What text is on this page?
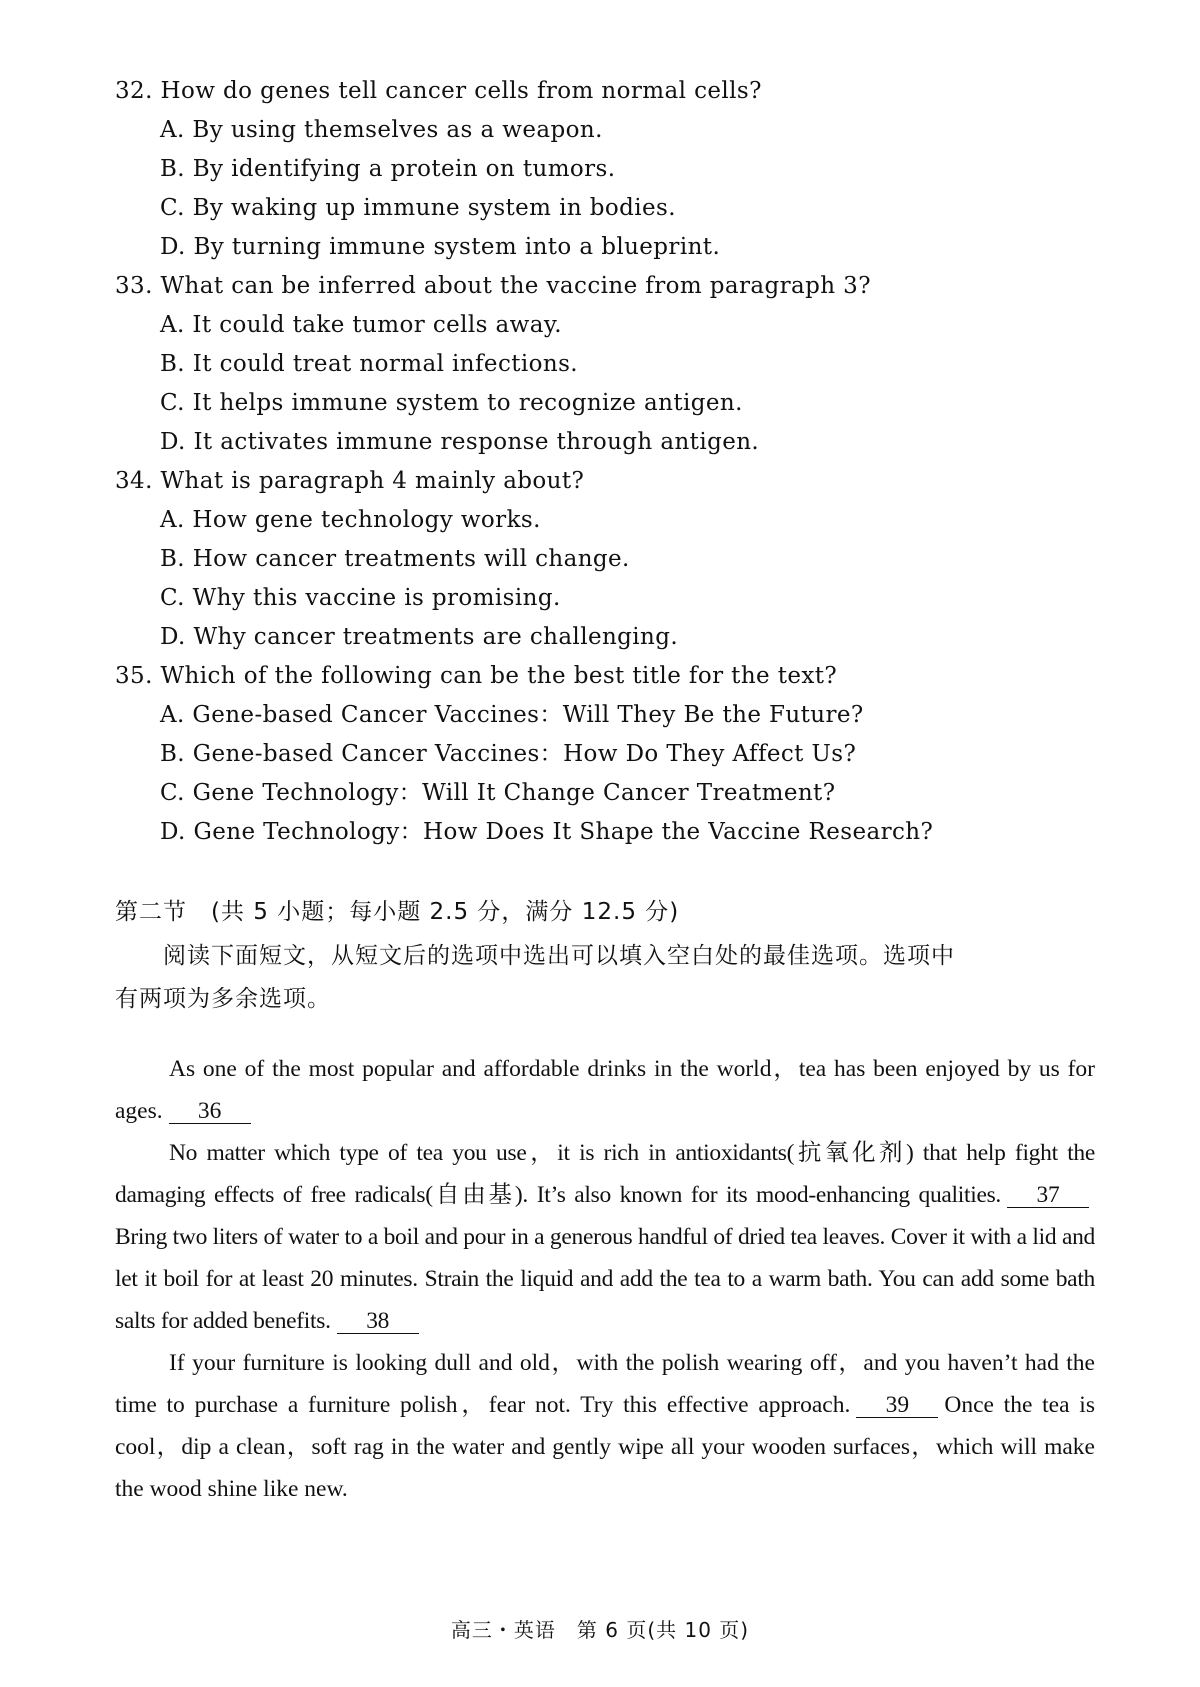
32. How do genes tell cancer cells from normal cells?
A. By using themselves as a weapon.
B. By identifying a protein on tumors.
C. By waking up immune system in bodies.
D. By turning immune system into a blueprint.
33. What can be inferred about the vaccine from paragraph 3?
A. It could take tumor cells away.
B. It could treat normal infections.
C. It helps immune system to recognize antigen.
D. It activates immune response through antigen.
34. What is paragraph 4 mainly about?
A. How gene technology works.
B. How cancer treatments will change.
C. Why this vaccine is promising.
D. Why cancer treatments are challenging.
35. Which of the following can be the best title for the text?
A. Gene-based Cancer Vaccines：Will They Be the Future?
B. Gene-based Cancer Vaccines：How Do They Affect Us?
C. Gene Technology：Will It Change Cancer Treatment?
D. Gene Technology：How Does It Shape the Vaccine Research?
第二节　(共 5 小题；每小题 2.5 分，满分 12.5 分)
　　阅读下面短文，从短文后的选项中选出可以填入空白处的最佳选项。选项中
有两项为多余选项。

As one of the most popular and affordable drinks in the world，tea has been enjoyed by us for ages. 36

No matter which type of tea you use，it is rich in antioxidants(抗氧化剂) that help fight the damaging effects of free radicals(自由基). It’s also known for its mood-enhancing qualities. 37Bring two liters of water to a boil and pour in a generous handful of dried tea leaves. Cover it with a lid and let it boil for at least 20 minutes. Strain the liquid and add the tea to a warm bath. You can add some bath salts for added benefits. 38

If your furniture is looking dull and old，with the polish wearing off，and you haven’t had the time to purchase a furniture polish，fear not. Try this effective approach. 39 Once the tea is cool，dip a clean，soft rag in the water and gently wipe all your wooden surfaces，which will make the wood shine like new.

高三・英语　第 6 页(共 10 页)
